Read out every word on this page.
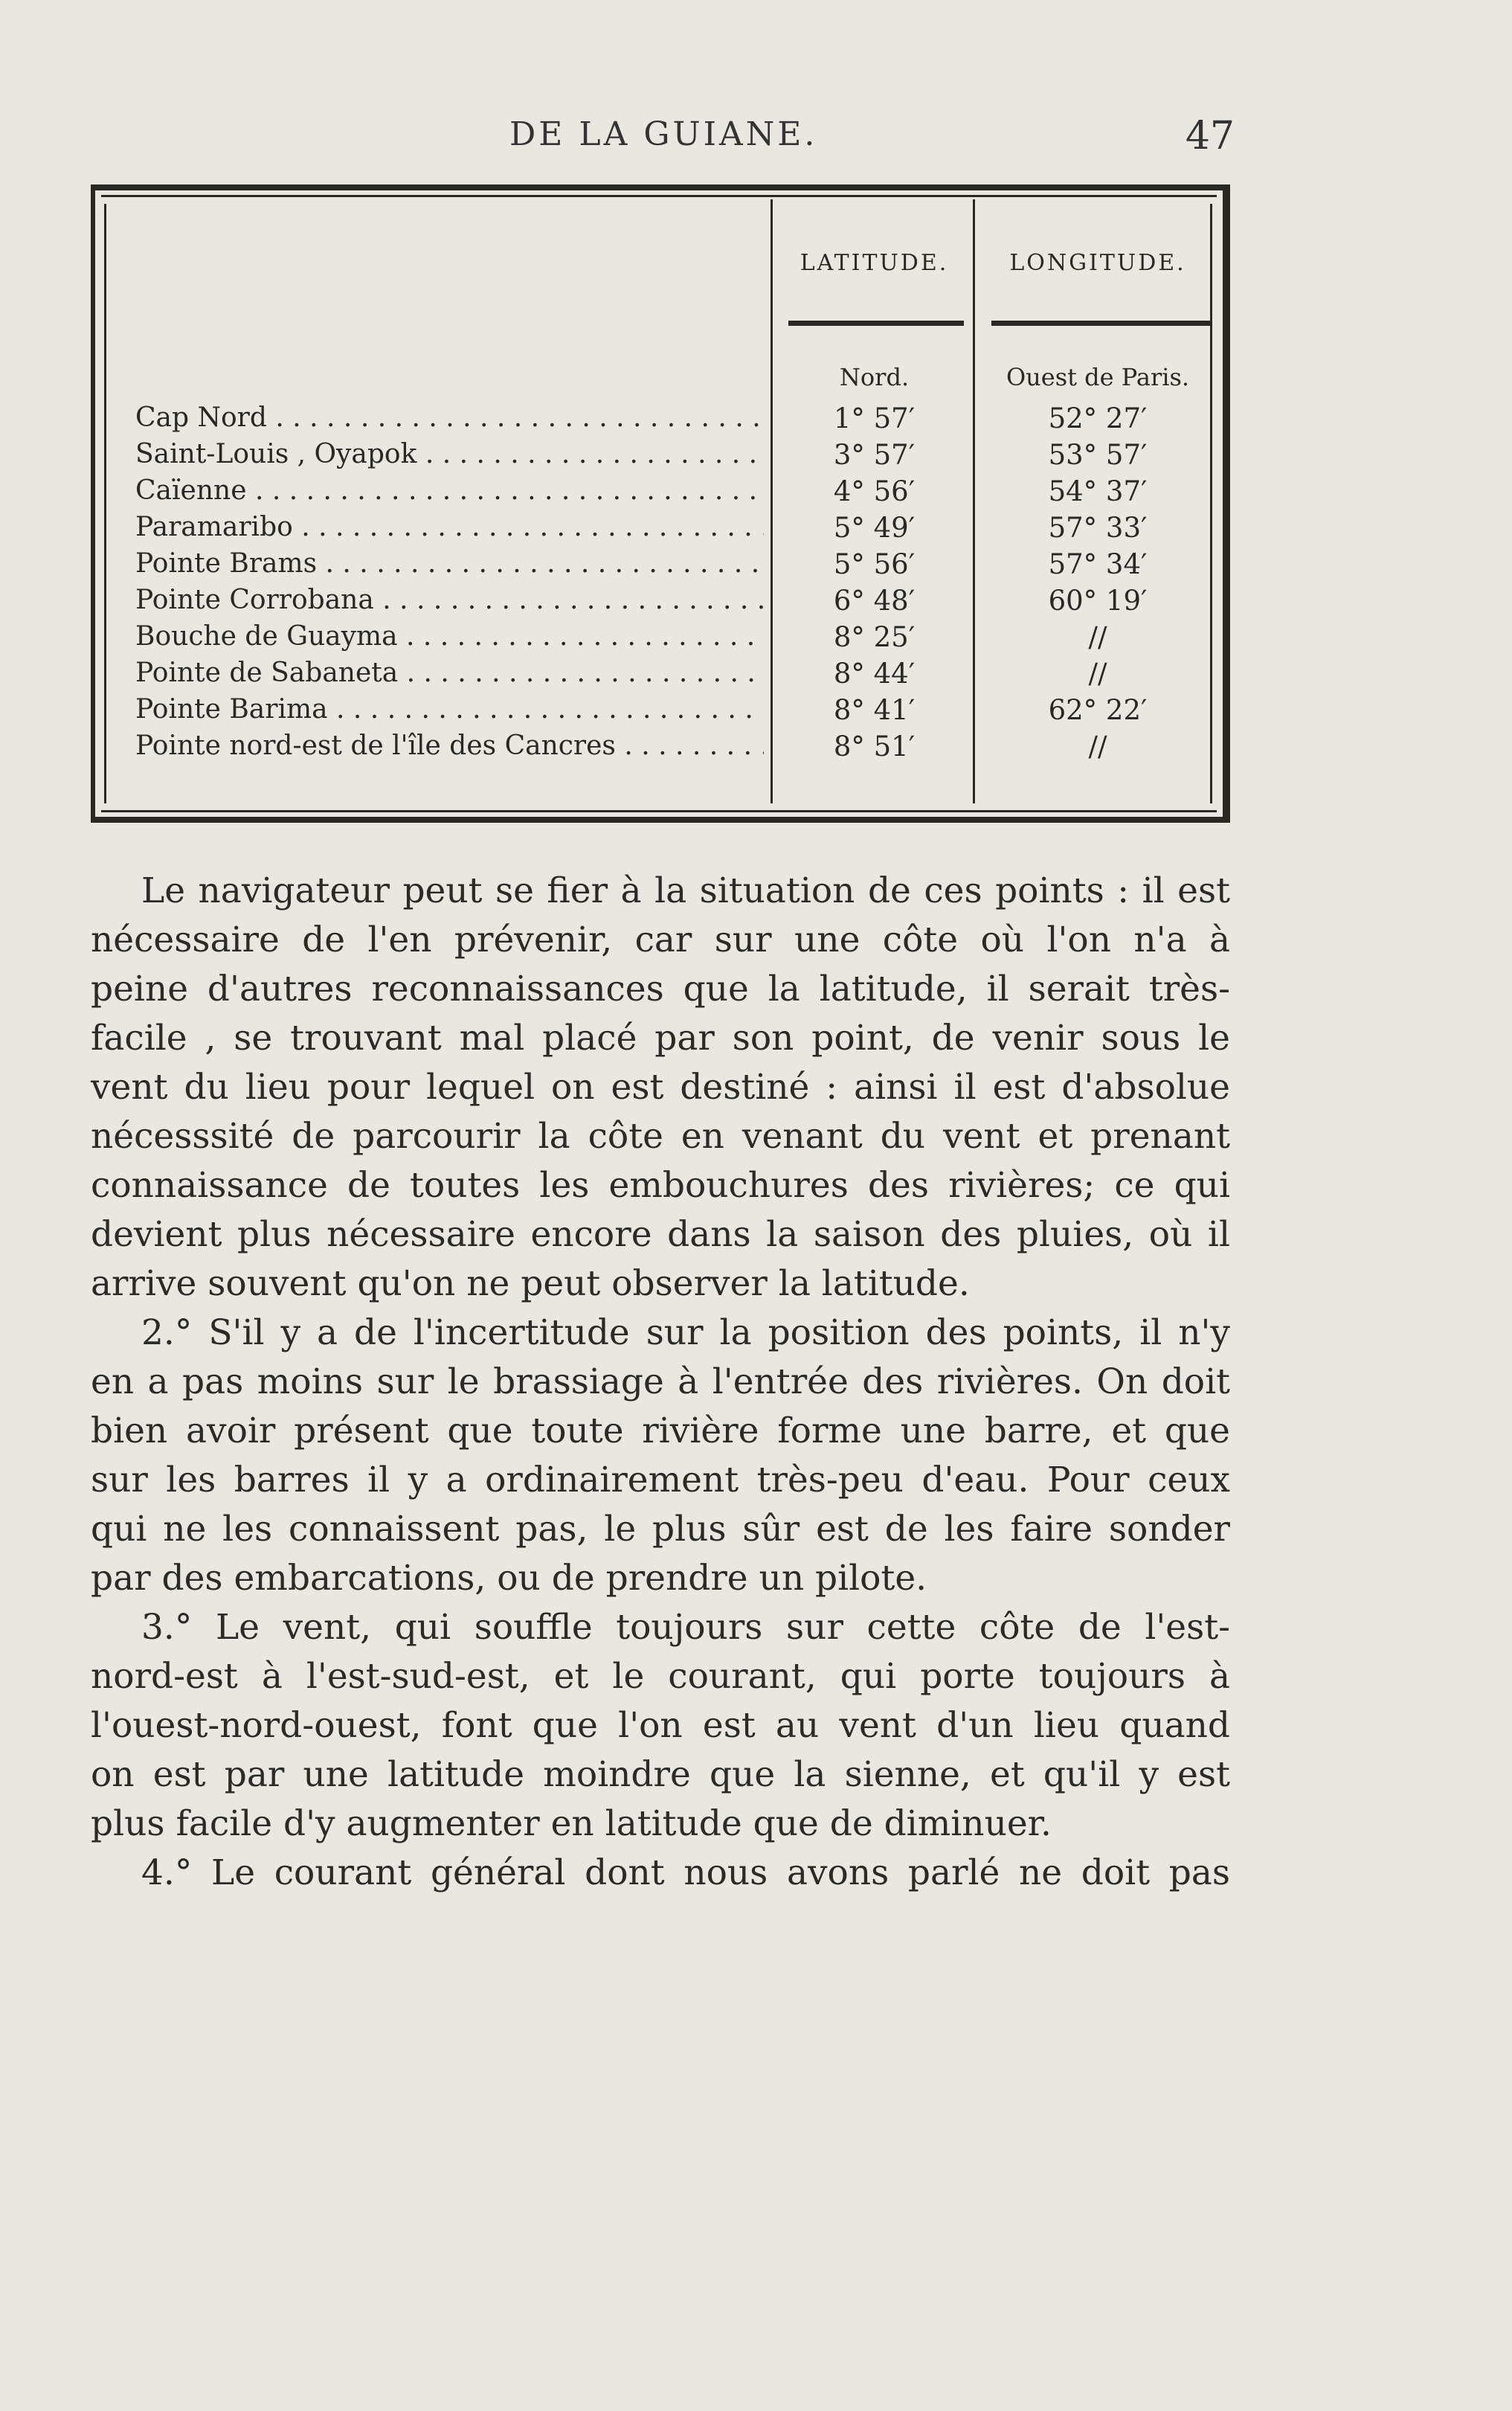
DE LA GUIANE.	47
LATITUDE.	LONGITUDE.
Nord.	Ouest de Paris.
Cap Nord . . .	1° 57′	52° 27′
Saint-Louis , Oyapok . . .	3° 57′	53° 57′
Caïenne . . .	4° 56′	54° 37′
Paramaribo . . .	5° 49′	57° 33′
Pointe Brams . . .	5° 56′	57° 34′
Pointe Corrobana . . .	6° 48′	60° 19′
Bouche de Guayma . . .	8° 25′	//
Pointe de Sabaneta . . .	8° 44′	//
Pointe Barima . . .	8° 41′	62° 22′
Pointe nord-est de l'île des Cancres . . .	8° 51′	//

Le navigateur peut se fier à la situation de ces points : il est

nécessaire de l'en prévenir, car sur une côte où l'on n'a à

peine d'autres reconnaissances que la latitude, il serait très-

facile , se trouvant mal placé par son point, de venir sous le

vent du lieu pour lequel on est destiné : ainsi il est d'absolue

nécesssité de parcourir la côte en venant du vent et prenant

connaissance de toutes les embouchures des rivières; ce qui

devient plus nécessaire encore dans la saison des pluies, où il

arrive souvent qu'on ne peut observer la latitude.

2.° S'il y a de l'incertitude sur la position des points, il n'y

en a pas moins sur le brassiage à l'entrée des rivières. On doit

bien avoir présent que toute rivière forme une barre, et que

sur les barres il y a ordinairement très-peu d'eau. Pour ceux

qui ne les connaissent pas, le plus sûr est de les faire sonder

par des embarcations, ou de prendre un pilote.

3.° Le vent, qui souffle toujours sur cette côte de l'est-

nord-est à l'est-sud-est, et le courant, qui porte toujours à

l'ouest-nord-ouest, font que l'on est au vent d'un lieu quand

on est par une latitude moindre que la sienne, et qu'il y est

plus facile d'y augmenter en latitude que de diminuer.

4.° Le courant général dont nous avons parlé ne doit pas
